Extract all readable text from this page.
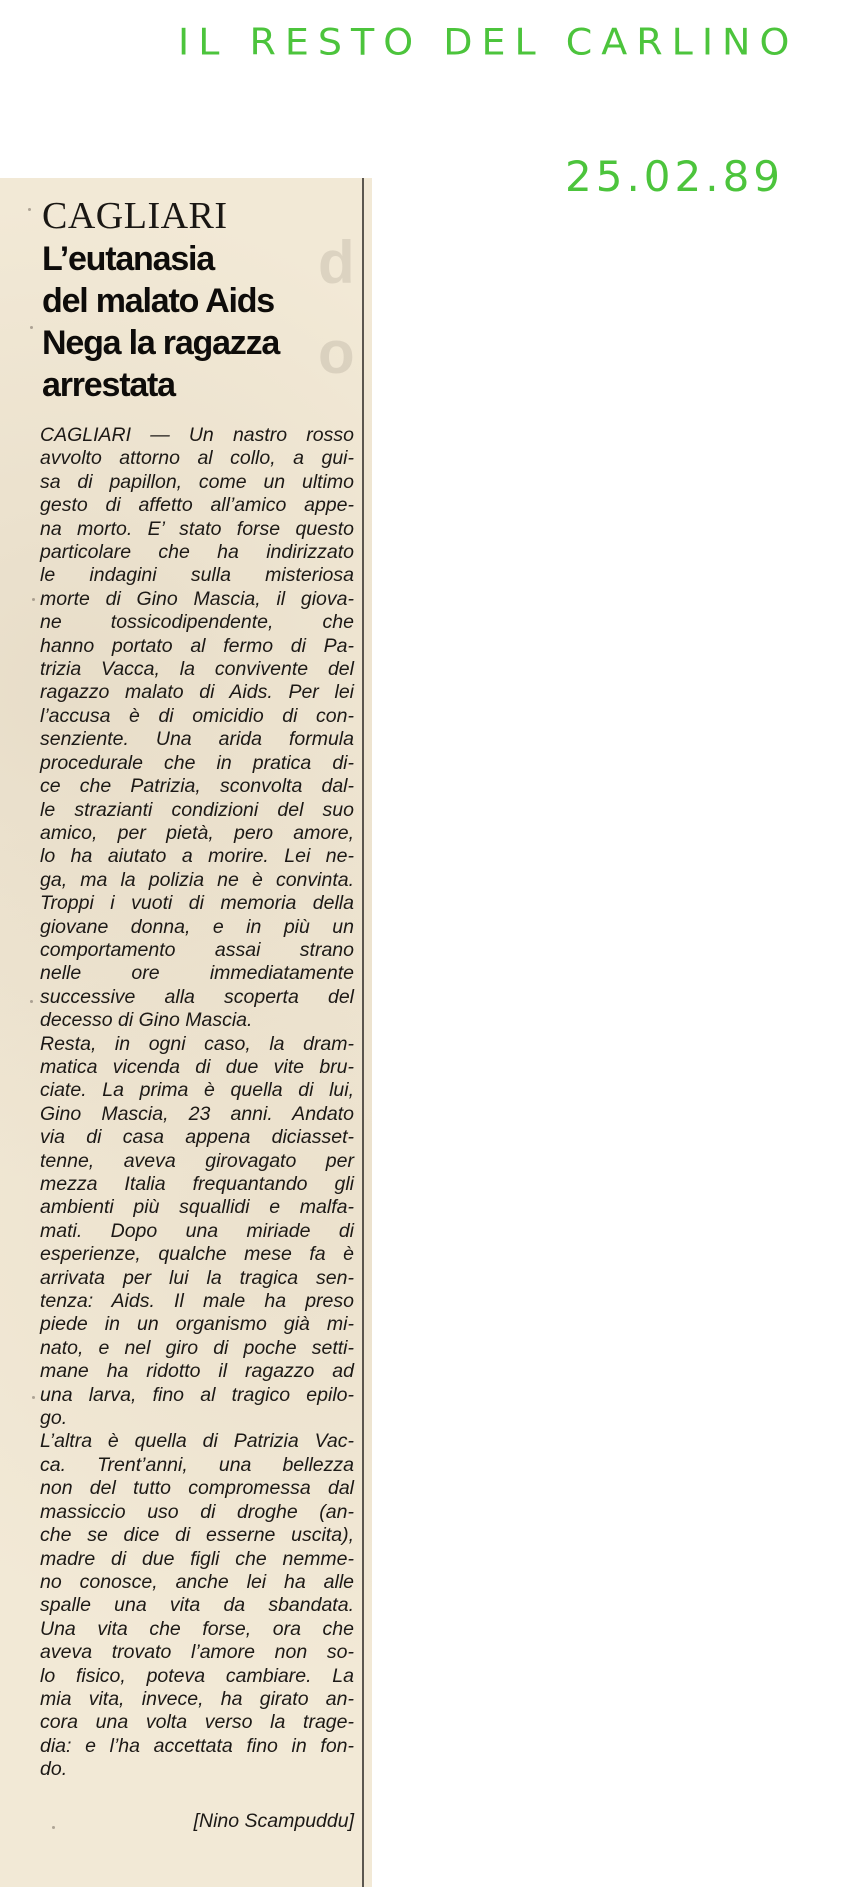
IL RESTO DEL CARLINO
25.02.89
d
o
CAGLIARI
L’eutanasia
del malato Aids
Nega la ragazza
arrestata
CAGLIARI — Un nastro rosso
avvolto attorno al collo, a gui-
sa di papillon, come un ultimo
gesto di affetto all’amico appe-
na morto. E’ stato forse questo
particolare che ha indirizzato
le indagini sulla misteriosa
morte di Gino Mascia, il giova-
ne tossicodipendente, che
hanno portato al fermo di Pa-
trizia Vacca, la convivente del
ragazzo malato di Aids. Per lei
l’accusa è di omicidio di con-
senziente. Una arida formula
procedurale che in pratica di-
ce che Patrizia, sconvolta dal-
le strazianti condizioni del suo
amico, per pietà, pero amore,
lo ha aiutato a morire. Lei ne-
ga, ma la polizia ne è convinta.
Troppi i vuoti di memoria della
giovane donna, e in più un
comportamento assai strano
nelle ore immediatamente
successive alla scoperta del
decesso di Gino Mascia.
Resta, in ogni caso, la dram-
matica vicenda di due vite bru-
ciate. La prima è quella di lui,
Gino Mascia, 23 anni. Andato
via di casa appena diciasset-
tenne, aveva girovagato per
mezza Italia frequantando gli
ambienti più squallidi e malfa-
mati. Dopo una miriade di
esperienze, qualche mese fa è
arrivata per lui la tragica sen-
tenza: Aids. Il male ha preso
piede in un organismo già mi-
nato, e nel giro di poche setti-
mane ha ridotto il ragazzo ad
una larva, fino al tragico epilo-
go.
L’altra è quella di Patrizia Vac-
ca. Trent’anni, una bellezza
non del tutto compromessa dal
massiccio uso di droghe (an-
che se dice di esserne uscita),
madre di due figli che nemme-
no conosce, anche lei ha alle
spalle una vita da sbandata.
Una vita che forse, ora che
aveva trovato l’amore non so-
lo fisico, poteva cambiare. La
mia vita, invece, ha girato an-
cora una volta verso la trage-
dia: e l’ha accettata fino in fon-
do.
[Nino Scampuddu]
